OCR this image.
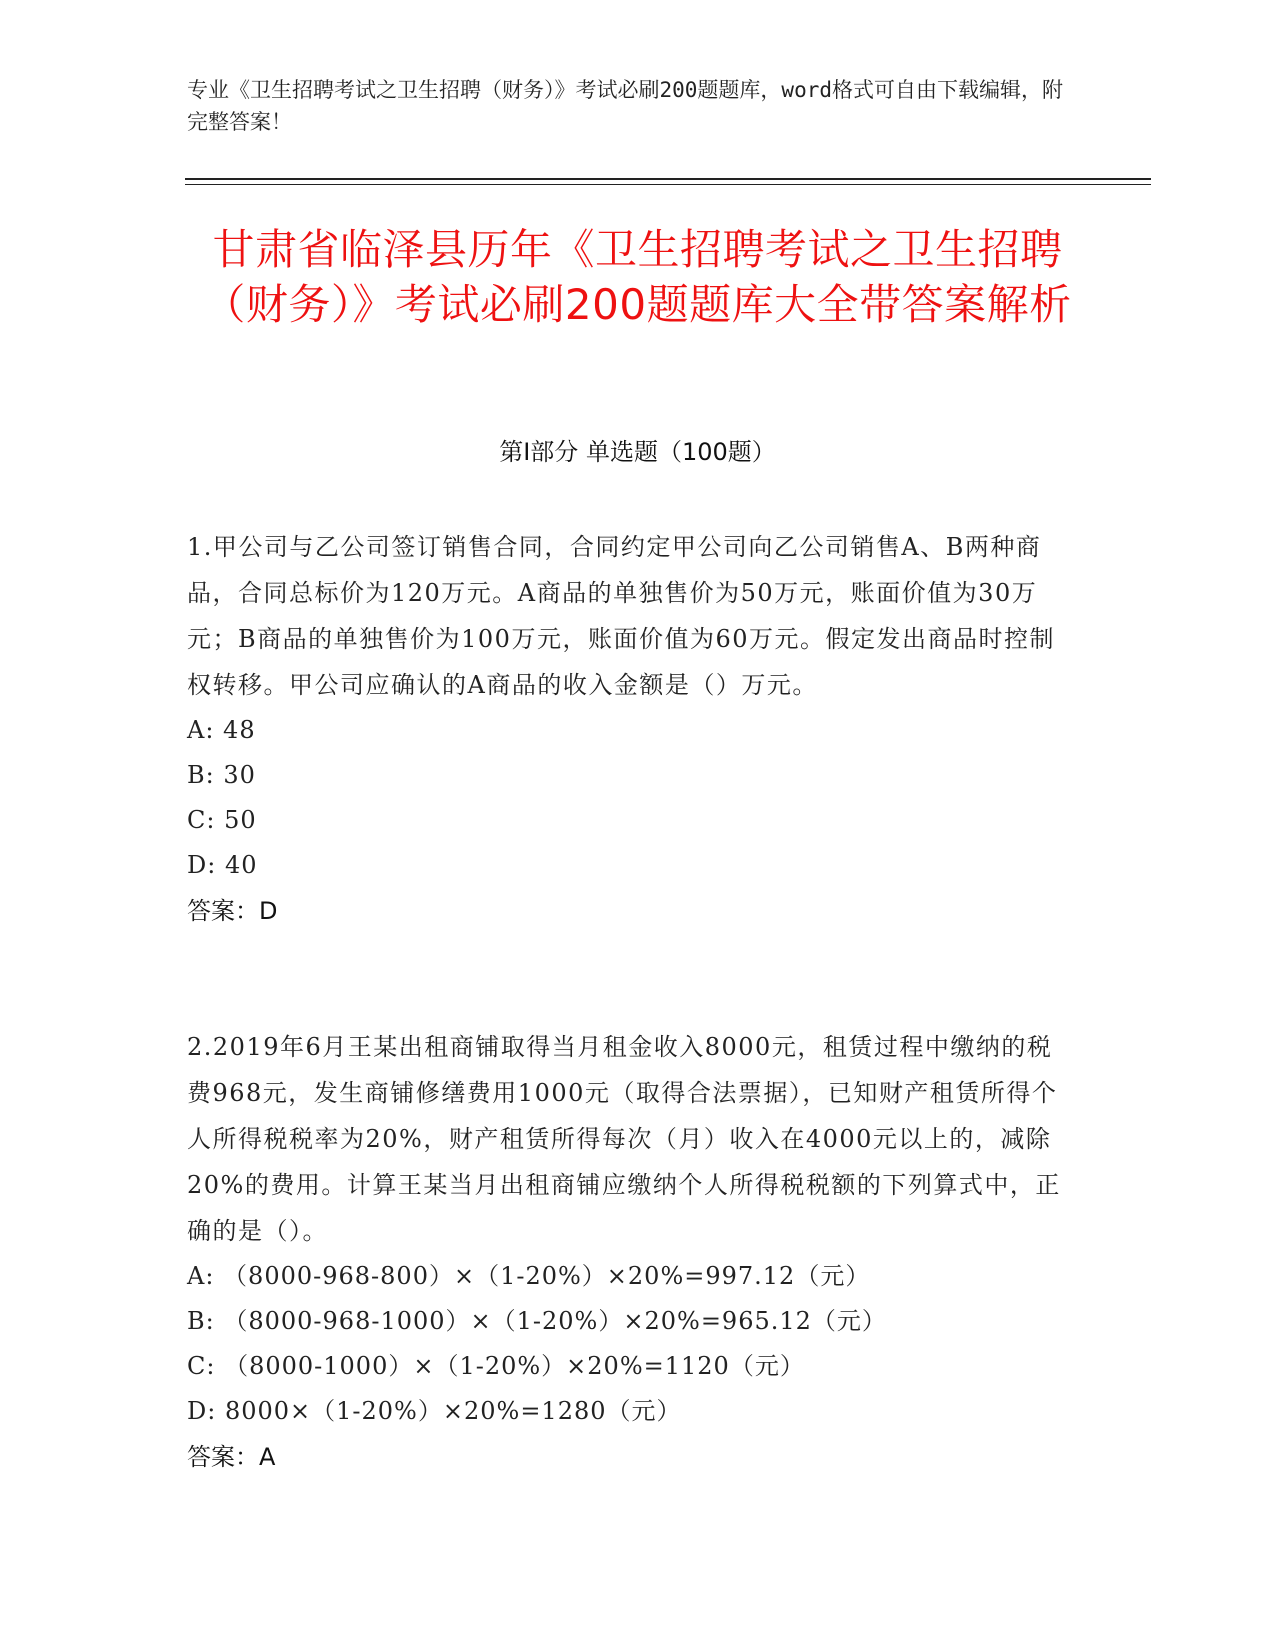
专业《卫生招聘考试之卫生招聘（财务）》考试必刷200题题库，word格式可自由下载编辑，附完整答案！
甘肃省临泽县历年《卫生招聘考试之卫生招聘（财务）》考试必刷200题题库大全带答案解析
第Ⅰ部分 单选题（100题）
1.甲公司与乙公司签订销售合同，合同约定甲公司向乙公司销售A、B两种商品，合同总标价为120万元。A商品的单独售价为50万元，账面价值为30万元；B商品的单独售价为100万元，账面价值为60万元。假定发出商品时控制权转移。甲公司应确认的A商品的收入金额是（）万元。
A: 48
B: 30
C: 50
D: 40
答案：D
2.2019年6月王某出租商铺取得当月租金收入8000元，租赁过程中缴纳的税费968元，发生商铺修缮费用1000元（取得合法票据），已知财产租赁所得个人所得税税率为20%，财产租赁所得每次（月）收入在4000元以上的，减除20%的费用。计算王某当月出租商铺应缴纳个人所得税税额的下列算式中，正确的是（）。
A: （8000-968-800）×（1-20%）×20%=997.12（元）
B: （8000-968-1000）×（1-20%）×20%=965.12（元）
C: （8000-1000）×（1-20%）×20%=1120（元）
D: 8000×（1-20%）×20%=1280（元）
答案：A
